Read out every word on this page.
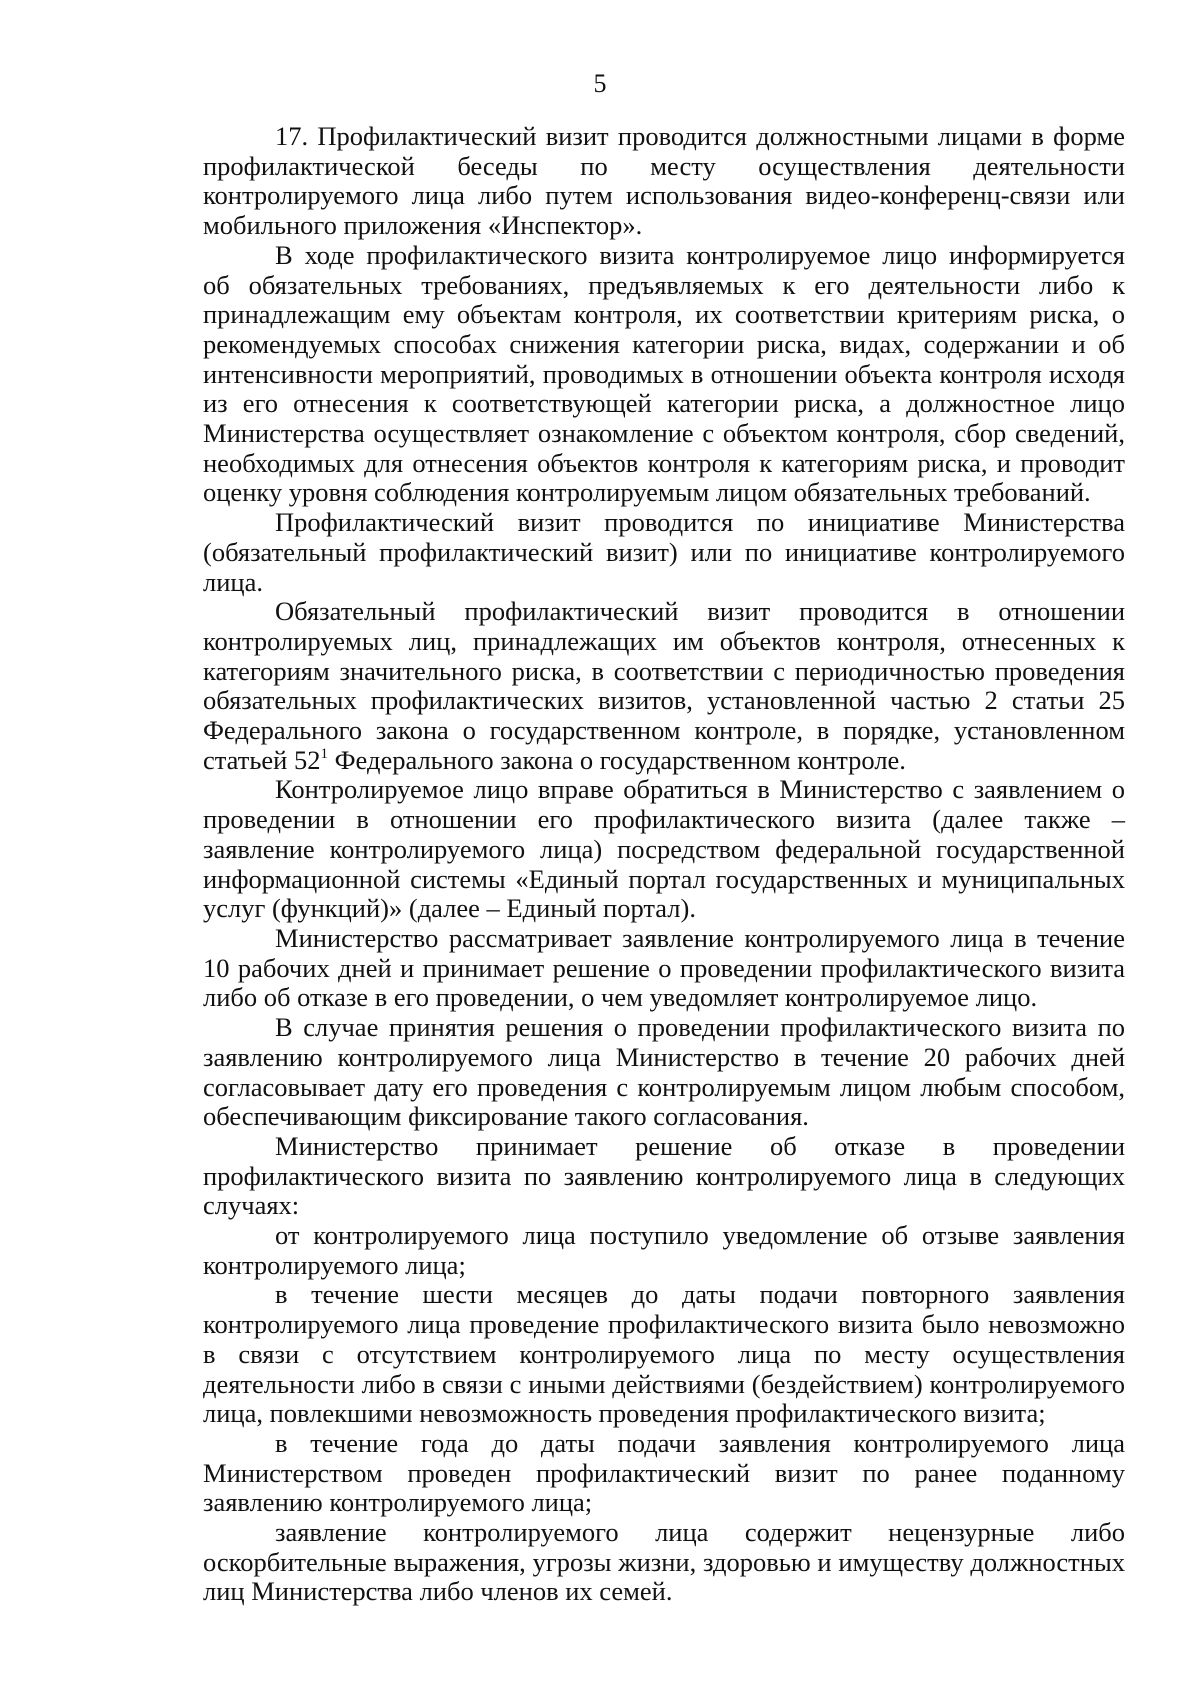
5

17. Профилактический визит проводится должностными лицами в форме профилактической беседы по месту осуществления деятельности контролируемого лица либо путем использования видео-конференц-связи или мобильного приложения «Инспектор».

В ходе профилактического визита контролируемое лицо информируется об обязательных требованиях, предъявляемых к его деятельности либо к принадлежащим ему объектам контроля, их соответствии критериям риска, о рекомендуемых способах снижения категории риска, видах, содержании и об интенсивности мероприятий, проводимых в отношении объекта контроля исходя из его отнесения к соответствующей категории риска, а должностное лицо Министерства осуществляет ознакомление с объектом контроля, сбор сведений, необходимых для отнесения объектов контроля к категориям риска, и проводит оценку уровня соблюдения контролируемым лицом обязательных требований.

Профилактический визит проводится по инициативе Министерства (обязательный профилактический визит) или по инициативе контролируемого лица.

Обязательный профилактический визит проводится в отношении контролируемых лиц, принадлежащих им объектов контроля, отнесенных к категориям значительного риска, в соответствии с периодичностью проведения обязательных профилактических визитов, установленной частью 2 статьи 25 Федерального закона о государственном контроле, в порядке, установленном статьей $52^1$ Федерального закона о государственном контроле.

Контролируемое лицо вправе обратиться в Министерство с заявлением о проведении в отношении его профилактического визита (далее также – заявление контролируемого лица) посредством федеральной государственной информационной системы «Единый портал государственных и муниципальных услуг (функций)» (далее – Единый портал).

Министерство рассматривает заявление контролируемого лица в течение 10 рабочих дней и принимает решение о проведении профилактического визита либо об отказе в его проведении, о чем уведомляет контролируемое лицо.

В случае принятия решения о проведении профилактического визита по заявлению контролируемого лица Министерство в течение 20 рабочих дней согласовывает дату его проведения с контролируемым лицом любым способом, обеспечивающим фиксирование такого согласования.

Министерство принимает решение об отказе в проведении профилактического визита по заявлению контролируемого лица в следующих случаях:

от контролируемого лица поступило уведомление об отзыве заявления контролируемого лица;

в течение шести месяцев до даты подачи повторного заявления контролируемого лица проведение профилактического визита было невозможно в связи с отсутствием контролируемого лица по месту осуществления деятельности либо в связи с иными действиями (бездействием) контролируемого лица, повлекшими невозможность проведения профилактического визита;

в течение года до даты подачи заявления контролируемого лица Министерством проведен профилактический визит по ранее поданному заявлению контролируемого лица;

заявление контролируемого лица содержит нецензурные либо оскорбительные выражения, угрозы жизни, здоровью и имуществу должностных лиц Министерства либо членов их семей.
